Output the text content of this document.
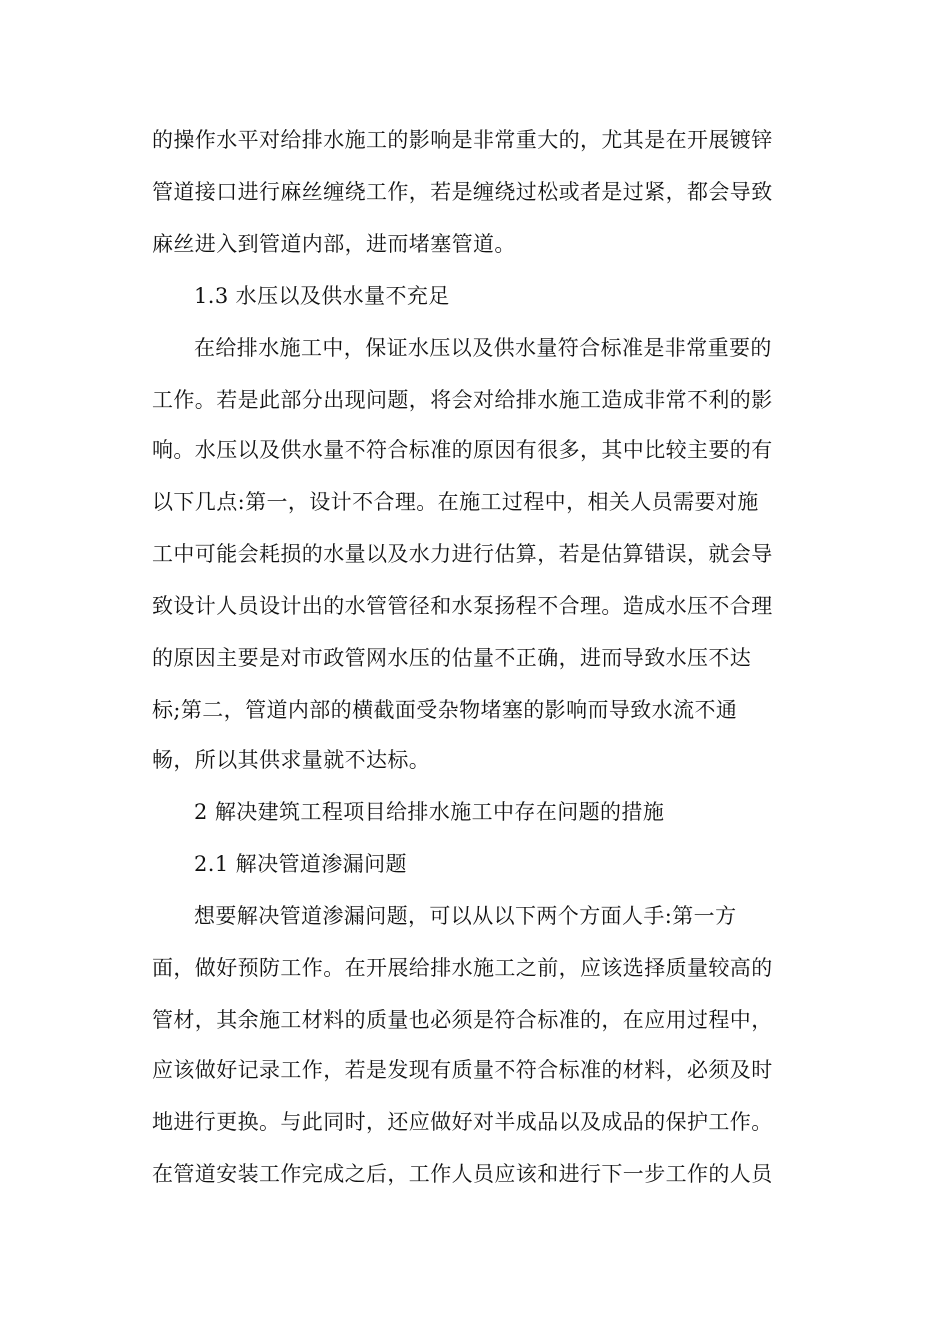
的操作水平对给排水施工的影响是非常重大的，尤其是在开展镀锌
管道接口进行麻丝缠绕工作，若是缠绕过松或者是过紧，都会导致
麻丝进入到管道内部，进而堵塞管道。
1.3 水压以及供水量不充足
在给排水施工中，保证水压以及供水量符合标准是非常重要的
工作。若是此部分出现问题，将会对给排水施工造成非常不利的影
响。水压以及供水量不符合标准的原因有很多，其中比较主要的有
以下几点:第一，设计不合理。在施工过程中，相关人员需要对施
工中可能会耗损的水量以及水力进行估算，若是估算错误，就会导
致设计人员设计出的水管管径和水泵扬程不合理。造成水压不合理
的原因主要是对市政管网水压的估量不正确，进而导致水压不达
标;第二，管道内部的横截面受杂物堵塞的影响而导致水流不通
畅，所以其供求量就不达标。
2 解决建筑工程项目给排水施工中存在问题的措施
2.1 解决管道渗漏问题
想要解决管道渗漏问题，可以从以下两个方面人手:第一方
面，做好预防工作。在开展给排水施工之前，应该选择质量较高的
管材，其余施工材料的质量也必须是符合标准的，在应用过程中，
应该做好记录工作，若是发现有质量不符合标准的材料，必须及时
地进行更换。与此同时，还应做好对半成品以及成品的保护工作。
在管道安装工作完成之后，工作人员应该和进行下一步工作的人员
